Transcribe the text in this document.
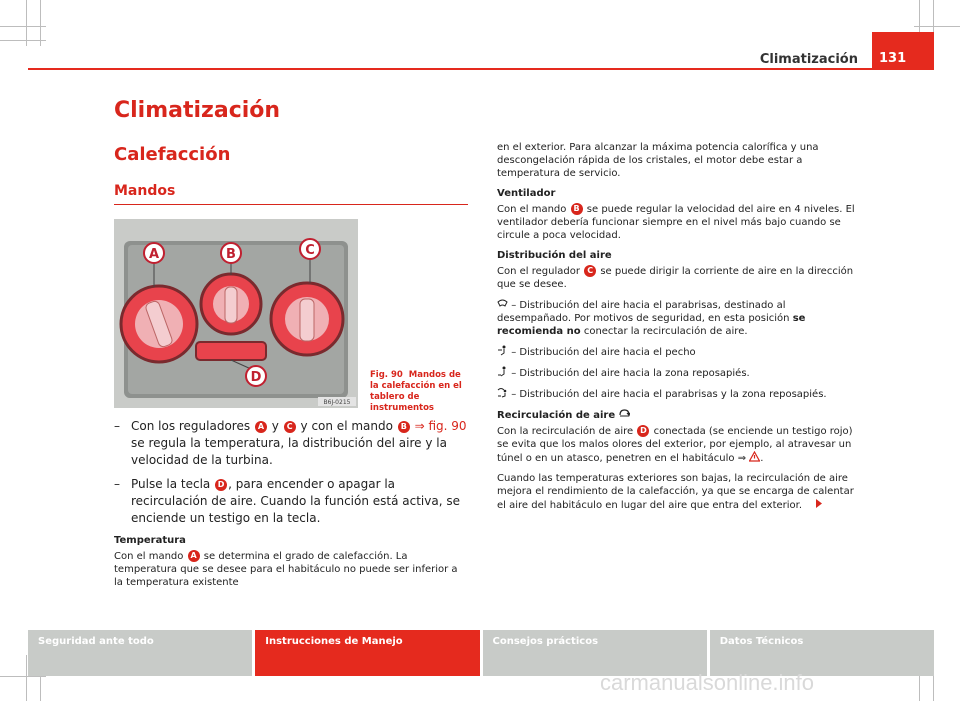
Climatización 131
Climatización
Calefacción
Mandos
A	B	C
D
B6J-0215
Fig. 90 Mandos de la calefacción en el tablero de instrumentos
– Con los reguladores A y C y con el mando B ⇒ fig. 90 se regula la temperatura, la distribución del aire y la velocidad de la turbina.
– Pulse la tecla D , para encender o apagar la recirculación de aire. Cuando la función está activa, se enciende un testigo en la tecla.

Temperatura

Con el mando A se determina el grado de calefacción. La temperatura que se desee para el habitáculo no puede ser inferior a la temperatura existente

en el exterior. Para alcanzar la máxima potencia calorífica y una descongelación rápida de los cristales, el motor debe estar a temperatura de servicio.

Ventilador

Con el mando B se puede regular la velocidad del aire en 4 niveles. El ventilador debería funcionar siempre en el nivel más bajo cuando se circule a poca velocidad.

Distribución del aire

Con el regulador C se puede dirigir la corriente de aire en la dirección que se desee.

– Distribución del aire hacia el parabrisas, destinado al desempañado. Por motivos de seguridad, en esta posición se recomienda no conectar la recirculación de aire.

– Distribución del aire hacia el pecho

– Distribución del aire hacia la zona reposapiés.

– Distribución del aire hacia el parabrisas y la zona reposapiés.

Recirculación de aire

Con la recirculación de aire D conectada (se enciende un testigo rojo) se evita que los malos olores del exterior, por ejemplo, al atravesar un túnel o en un atasco, penetren en el habitáculo ⇒ .

Cuando las temperaturas exteriores son bajas, la recirculación de aire mejora el rendimiento de la calefacción, ya que se encarga de calentar el aire del habitáculo en lugar del aire que entra del exterior.

Seguridad ante todo	Instrucciones de Manejo	Consejos prácticos	Datos Técnicos
carmanualsonline.info
